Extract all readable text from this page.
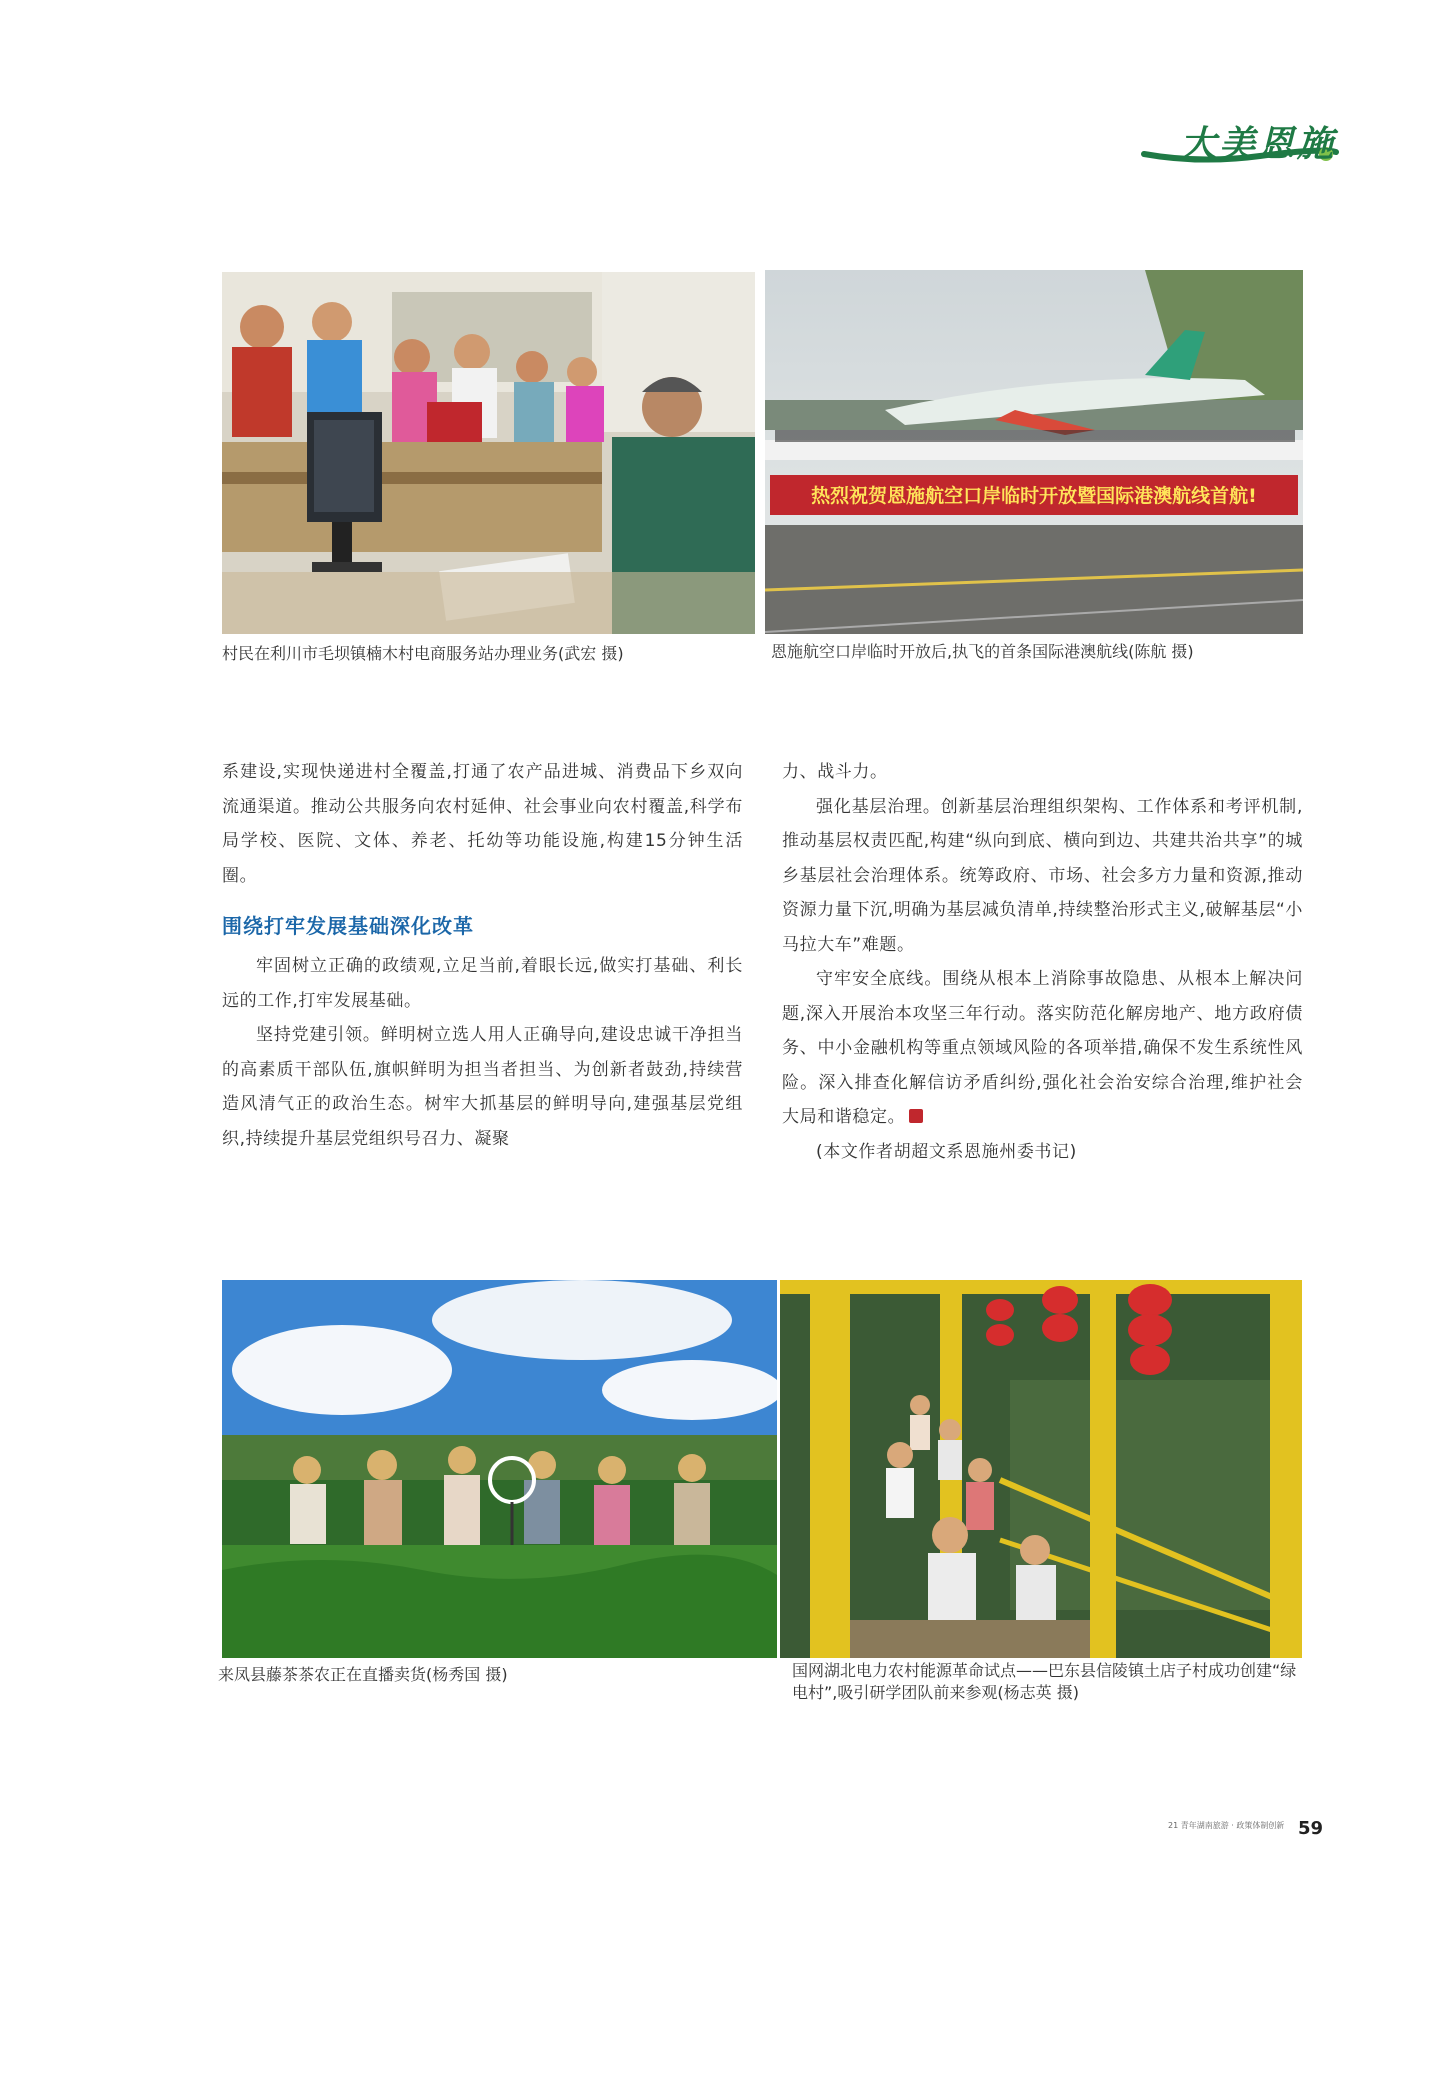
大美恩施
村民在利川市毛坝镇楠木村电商服务站办理业务(武宏 摄)
热烈祝贺恩施航空口岸临时开放暨国际港澳航线首航!
恩施航空口岸临时开放后,执飞的首条国际港澳航线(陈航 摄)

系建设,实现快递进村全覆盖,打通了农产品进城、消费品下乡双向流通渠道。推动公共服务向农村延伸、社会事业向农村覆盖,科学布局学校、医院、文体、养老、托幼等功能设施,构建15分钟生活圈。

围绕打牢发展基础深化改革

牢固树立正确的政绩观,立足当前,着眼长远,做实打基础、利长远的工作,打牢发展基础。

坚持党建引领。鲜明树立选人用人正确导向,建设忠诚干净担当的高素质干部队伍,旗帜鲜明为担当者担当、为创新者鼓劲,持续营造风清气正的政治生态。树牢大抓基层的鲜明导向,建强基层党组织,持续提升基层党组织号召力、凝聚

力、战斗力。

强化基层治理。创新基层治理组织架构、工作体系和考评机制,推动基层权责匹配,构建“纵向到底、横向到边、共建共治共享”的城乡基层社会治理体系。统筹政府、市场、社会多方力量和资源,推动资源力量下沉,明确为基层减负清单,持续整治形式主义,破解基层“小马拉大车”难题。

守牢安全底线。围绕从根本上消除事故隐患、从根本上解决问题,深入开展治本攻坚三年行动。落实防范化解房地产、地方政府债务、中小金融机构等重点领域风险的各项举措,确保不发生系统性风险。深入排查化解信访矛盾纠纷,强化社会治安综合治理,维护社会大局和谐稳定。

(本文作者胡超文系恩施州委书记)

来凤县藤茶茶农正在直播卖货(杨秀国 摄)	国网湖北电力农村能源革命试点——巴东县信陵镇土店子村成功创建“绿电村”,吸引研学团队前来参观(杨志英 摄)
21 青年湖南旅游 · 政策体制创新 59
